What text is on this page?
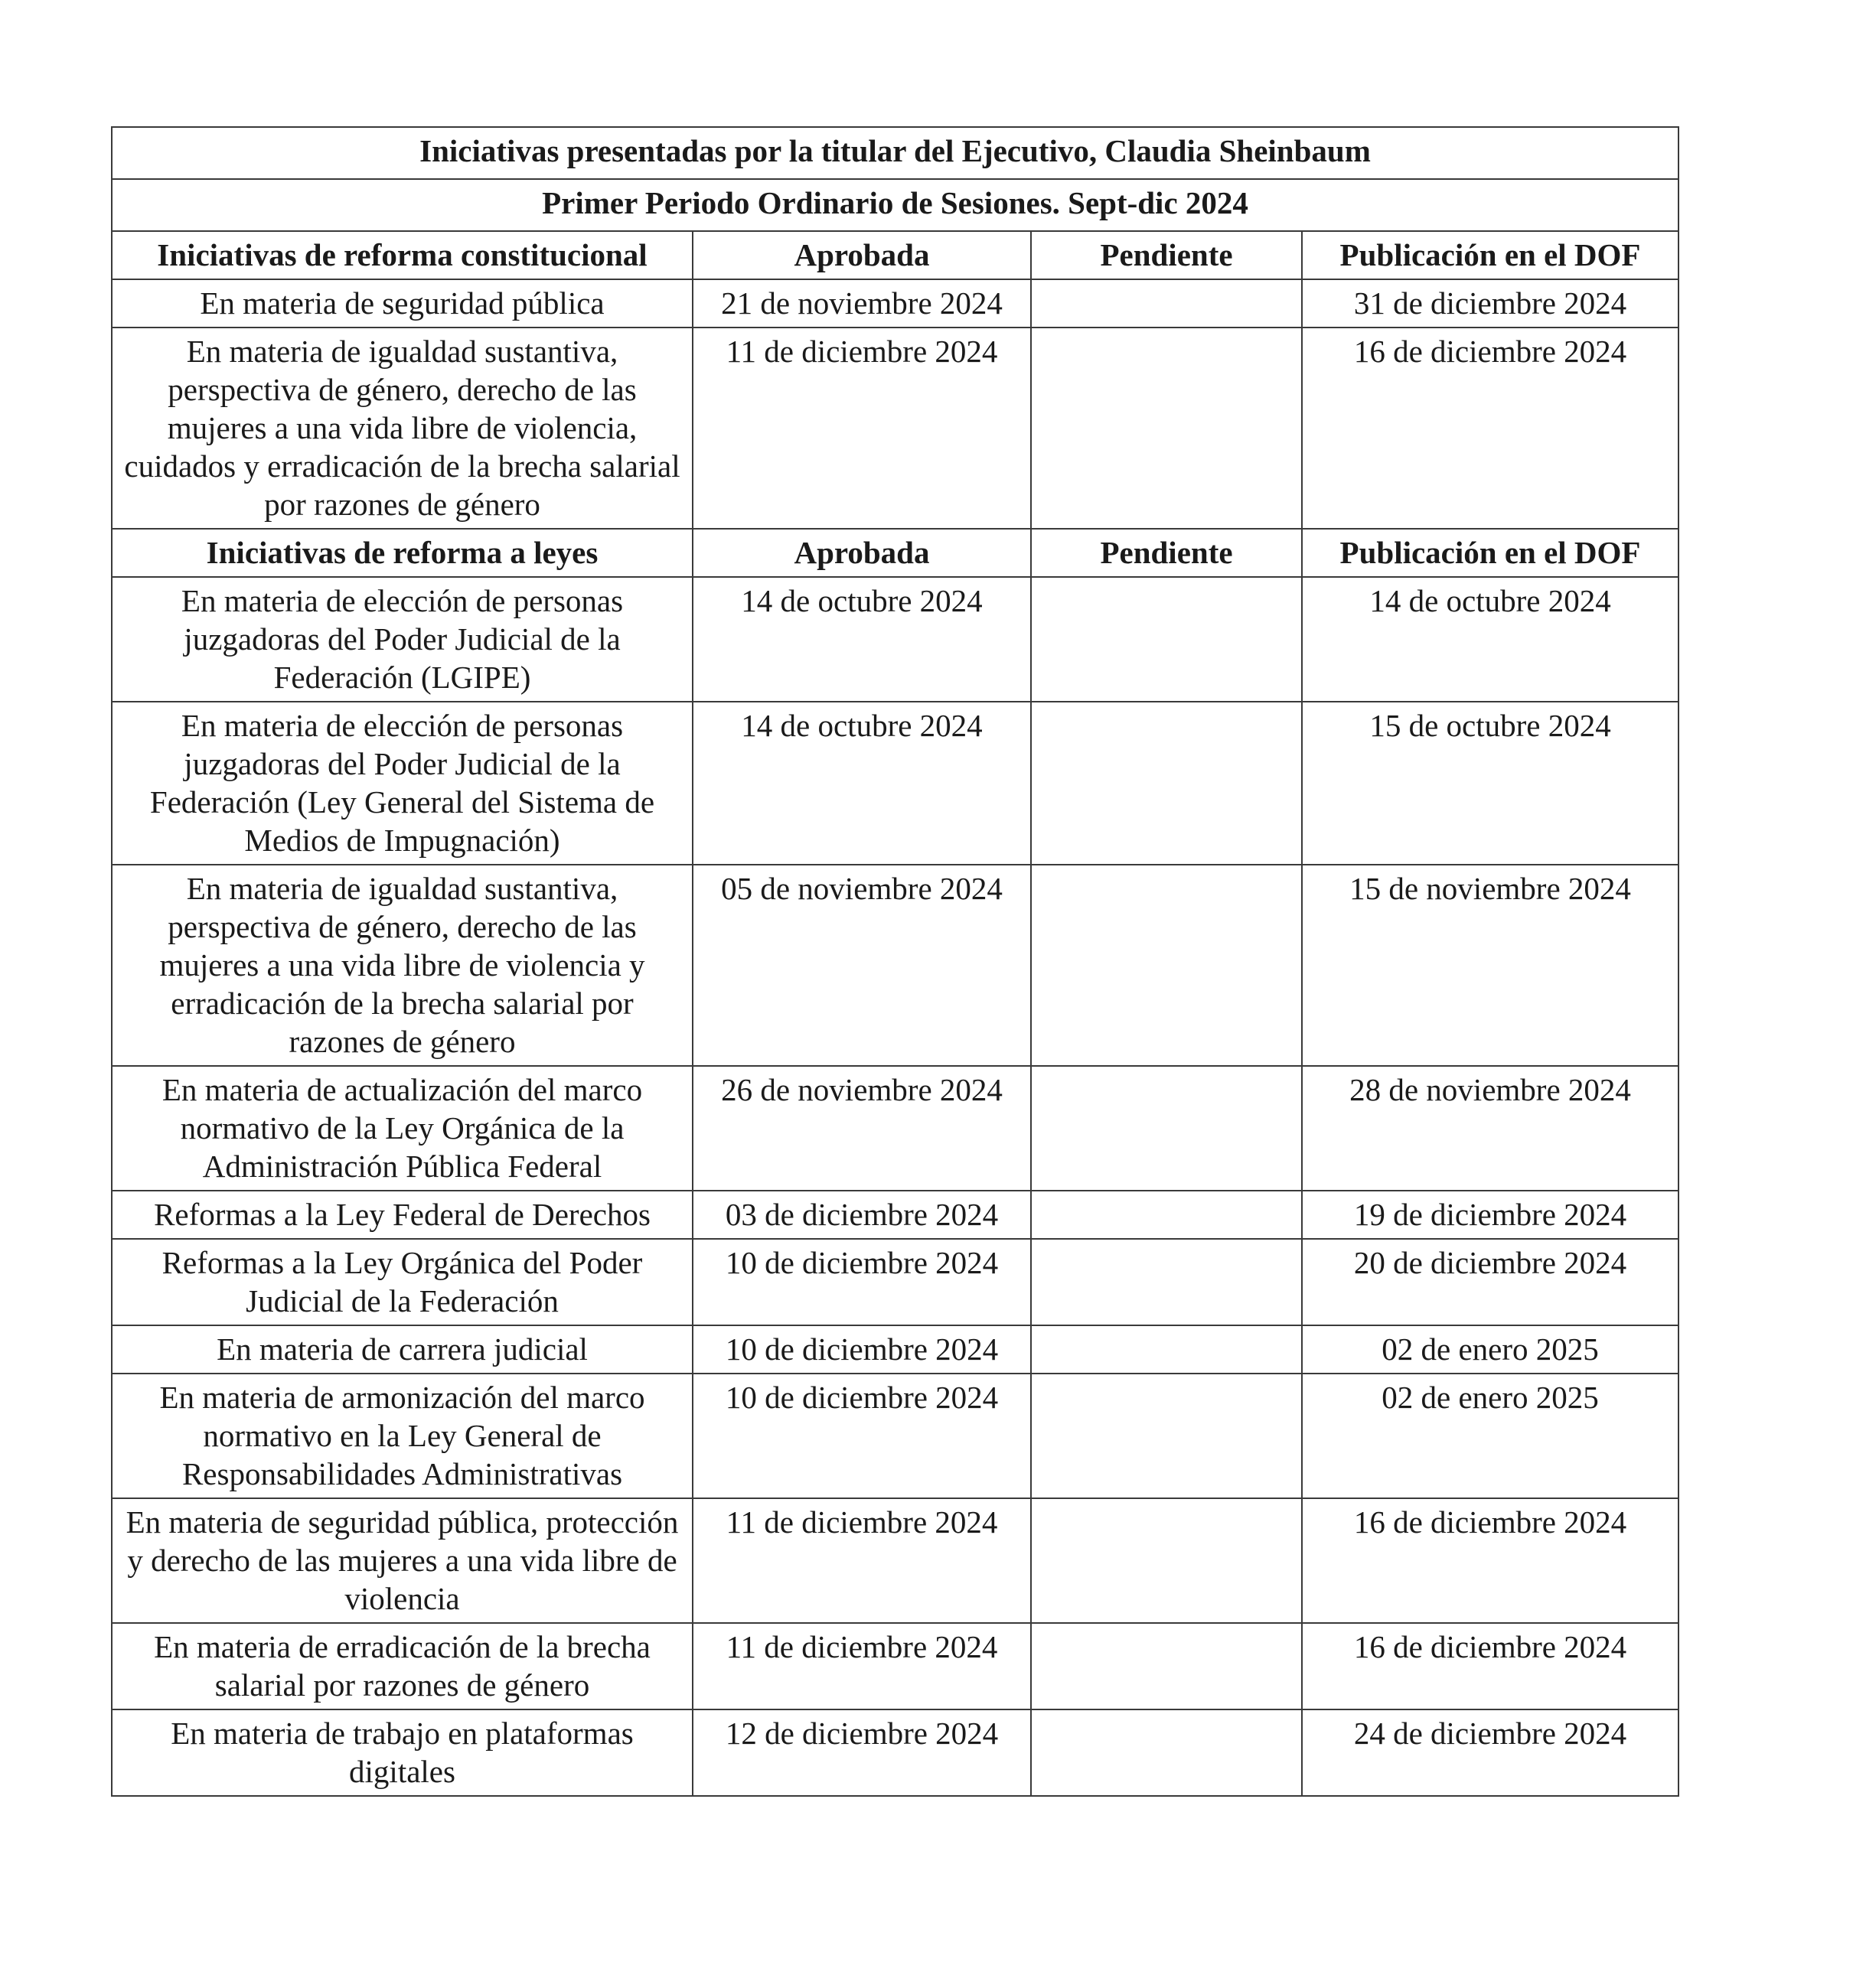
Iniciativas presentadas por la titular del Ejecutivo, Claudia Sheinbaum			
Primer Periodo Ordinario de Sesiones. Sept-dic 2024			
Iniciativas de reforma constitucional	Aprobada	Pendiente	Publicación en el DOF
En materia de seguridad pública	21 de noviembre 2024		31 de diciembre 2024
En materia de igualdad sustantiva, perspectiva de género, derecho de las mujeres a una vida libre de violencia, cuidados y erradicación de la brecha salarial por razones de género	11 de diciembre 2024		16 de diciembre 2024
Iniciativas de reforma a leyes	Aprobada	Pendiente	Publicación en el DOF
En materia de elección de personas juzgadoras del Poder Judicial de la Federación (LGIPE)	14 de octubre 2024		14 de octubre 2024
En materia de elección de personas juzgadoras del Poder Judicial de la Federación (Ley General del Sistema de Medios de Impugnación)	14 de octubre 2024		15 de octubre 2024
En materia de igualdad sustantiva, perspectiva de género, derecho de las mujeres a una vida libre de violencia y erradicación de la brecha salarial por razones de género	05 de noviembre 2024		15 de noviembre 2024
En materia de actualización del marco normativo de la Ley Orgánica de la Administración Pública Federal	26 de noviembre 2024		28 de noviembre 2024
Reformas a la Ley Federal de Derechos	03 de diciembre 2024		19 de diciembre 2024
Reformas a la Ley Orgánica del Poder Judicial de la Federación	10 de diciembre 2024		20 de diciembre 2024
En materia de carrera judicial	10 de diciembre 2024		02 de enero 2025
En materia de armonización del marco normativo en la Ley General de Responsabilidades Administrativas	10 de diciembre 2024		02 de enero 2025
En materia de seguridad pública, protección y derecho de las mujeres a una vida libre de violencia	11 de diciembre 2024		16 de diciembre 2024
En materia de erradicación de la brecha salarial por razones de género	11 de diciembre 2024		16 de diciembre 2024
En materia de trabajo en plataformas digitales	12 de diciembre 2024		24 de diciembre 2024
